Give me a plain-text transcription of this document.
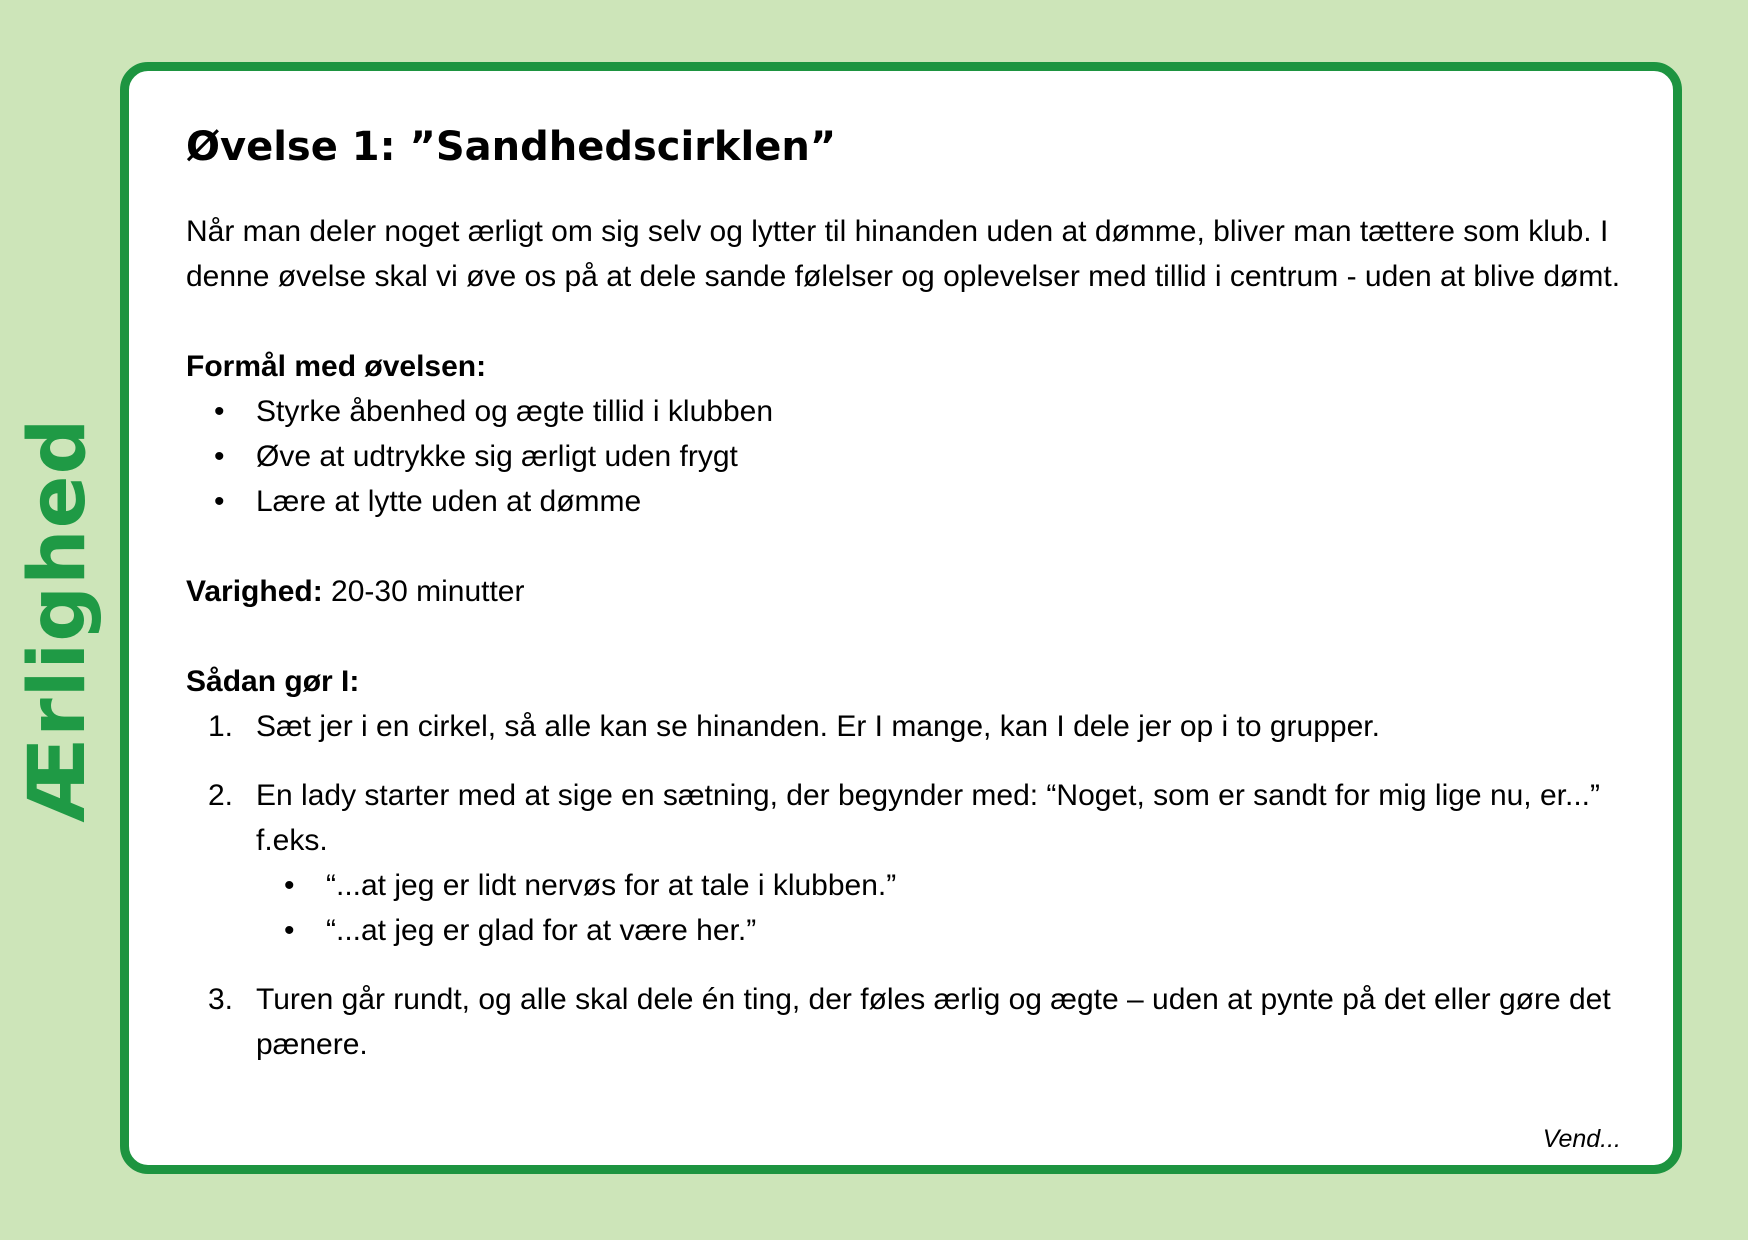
Ærlighed
Øvelse 1: ”Sandhedscirklen”

Når man deler noget ærligt om sig selv og lytter til hinanden uden at dømme, bliver man tættere som klub. I denne øvelse skal vi øve os på at dele sande følelser og oplevelser med tillid i centrum - uden at blive dømt.

Formål med øvelsen:

• Styrke åbenhed og ægte tillid i klubben
• Øve at udtrykke sig ærligt uden frygt
• Lære at lytte uden at dømme

Varighed: 20-30 minutter

Sådan gør I:

1. Sæt jer i en cirkel, så alle kan se hinanden. Er I mange, kan I dele jer op i to grupper.
2. En lady starter med at sige en sætning, der begynder med: “Noget, som er sandt for mig lige nu, er...” f.eks.
• “...at jeg er lidt nervøs for at tale i klubben.”
• “...at jeg er glad for at være her.”
3. Turen går rundt, og alle skal dele én ting, der føles ærlig og ægte – uden at pynte på det eller gøre det pænere.
Vend...
